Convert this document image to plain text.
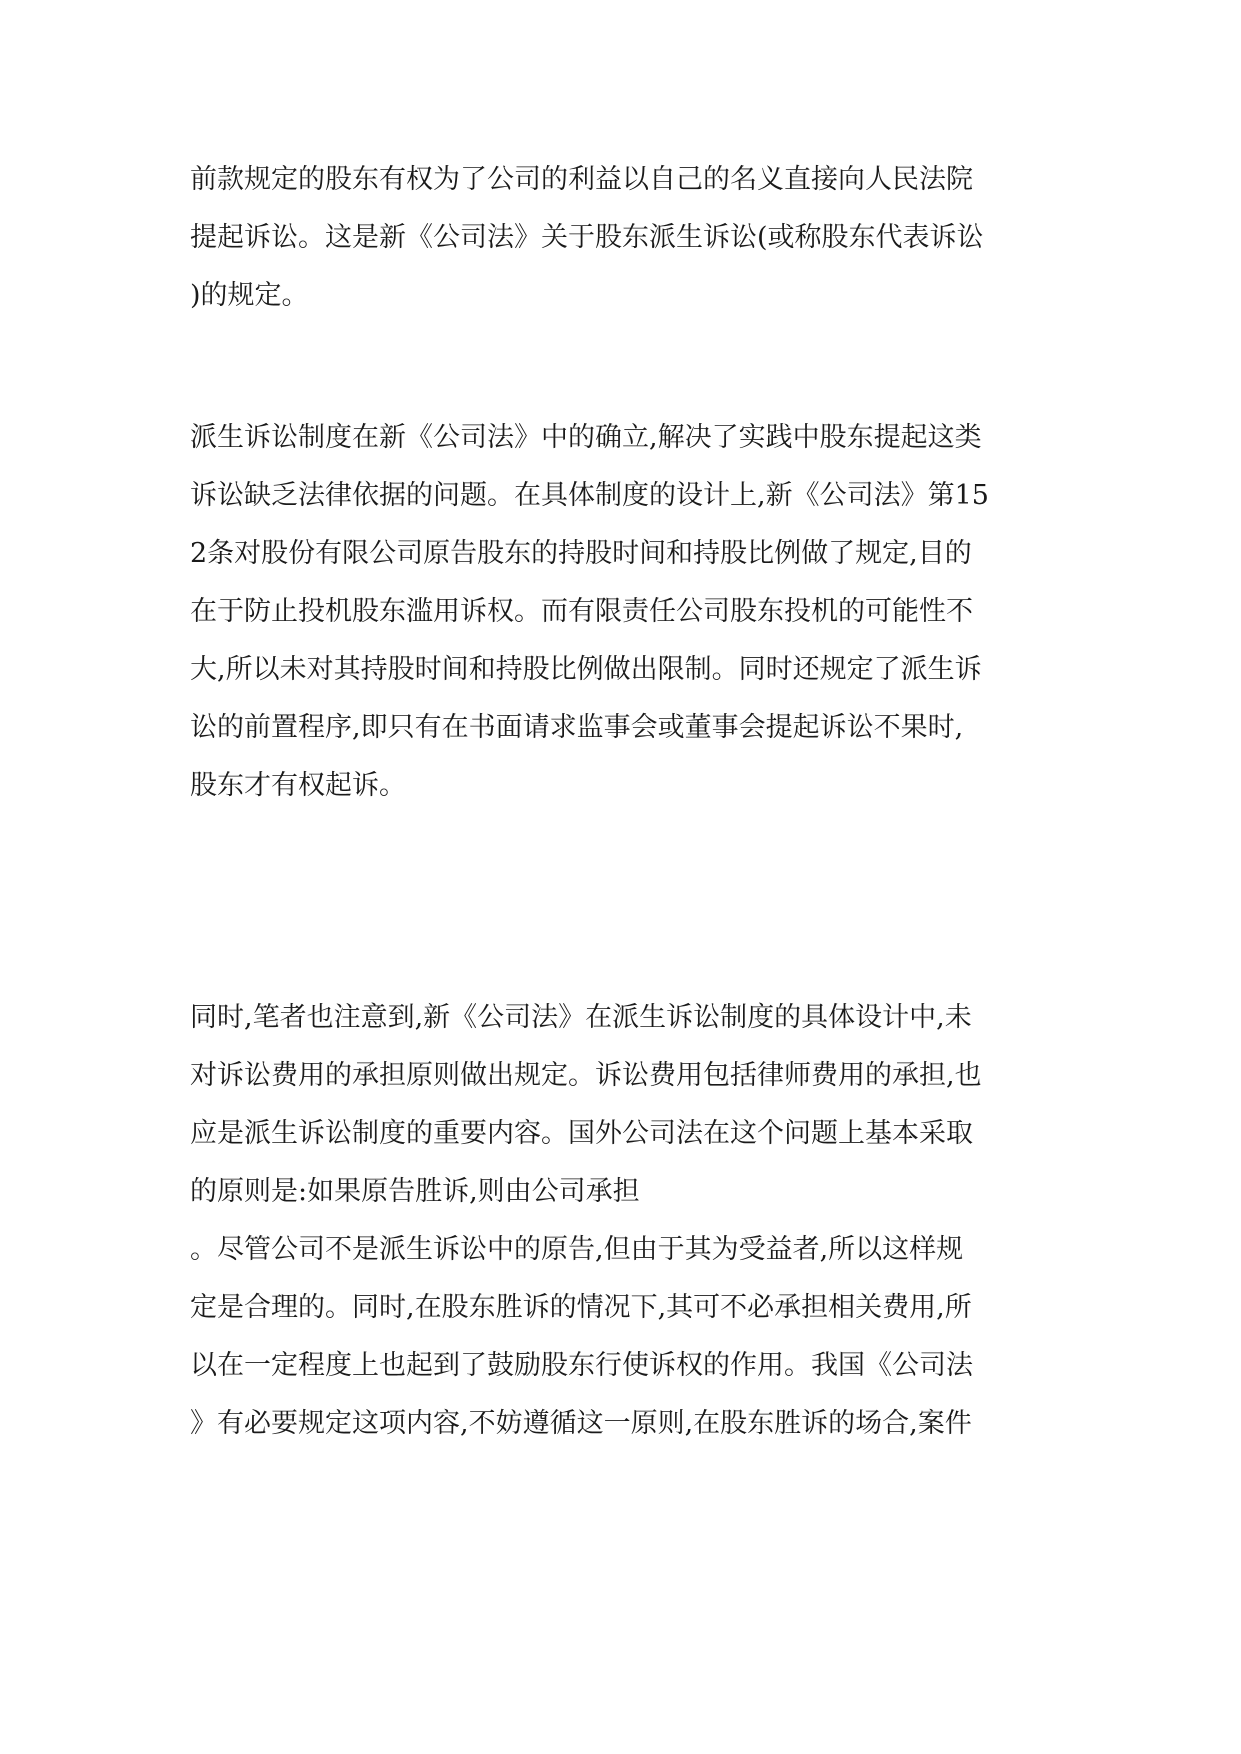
前款规定的股东有权为了公司的利益以自己的名义直接向人民法院

提起诉讼。这是新《公司法》关于股东派生诉讼(或称股东代表诉讼

)的规定。

派生诉讼制度在新《公司法》中的确立,解决了实践中股东提起这类

诉讼缺乏法律依据的问题。在具体制度的设计上,新《公司法》第15

2条对股份有限公司原告股东的持股时间和持股比例做了规定,目的

在于防止投机股东滥用诉权。而有限责任公司股东投机的可能性不

大,所以未对其持股时间和持股比例做出限制。同时还规定了派生诉

讼的前置程序,即只有在书面请求监事会或董事会提起诉讼不果时,

股东才有权起诉。

同时,笔者也注意到,新《公司法》在派生诉讼制度的具体设计中,未

对诉讼费用的承担原则做出规定。诉讼费用包括律师费用的承担,也

应是派生诉讼制度的重要内容。国外公司法在这个问题上基本采取

的原则是:如果原告胜诉,则由公司承担

。尽管公司不是派生诉讼中的原告,但由于其为受益者,所以这样规

定是合理的。同时,在股东胜诉的情况下,其可不必承担相关费用,所

以在一定程度上也起到了鼓励股东行使诉权的作用。我国《公司法

》有必要规定这项内容,不妨遵循这一原则,在股东胜诉的场合,案件
